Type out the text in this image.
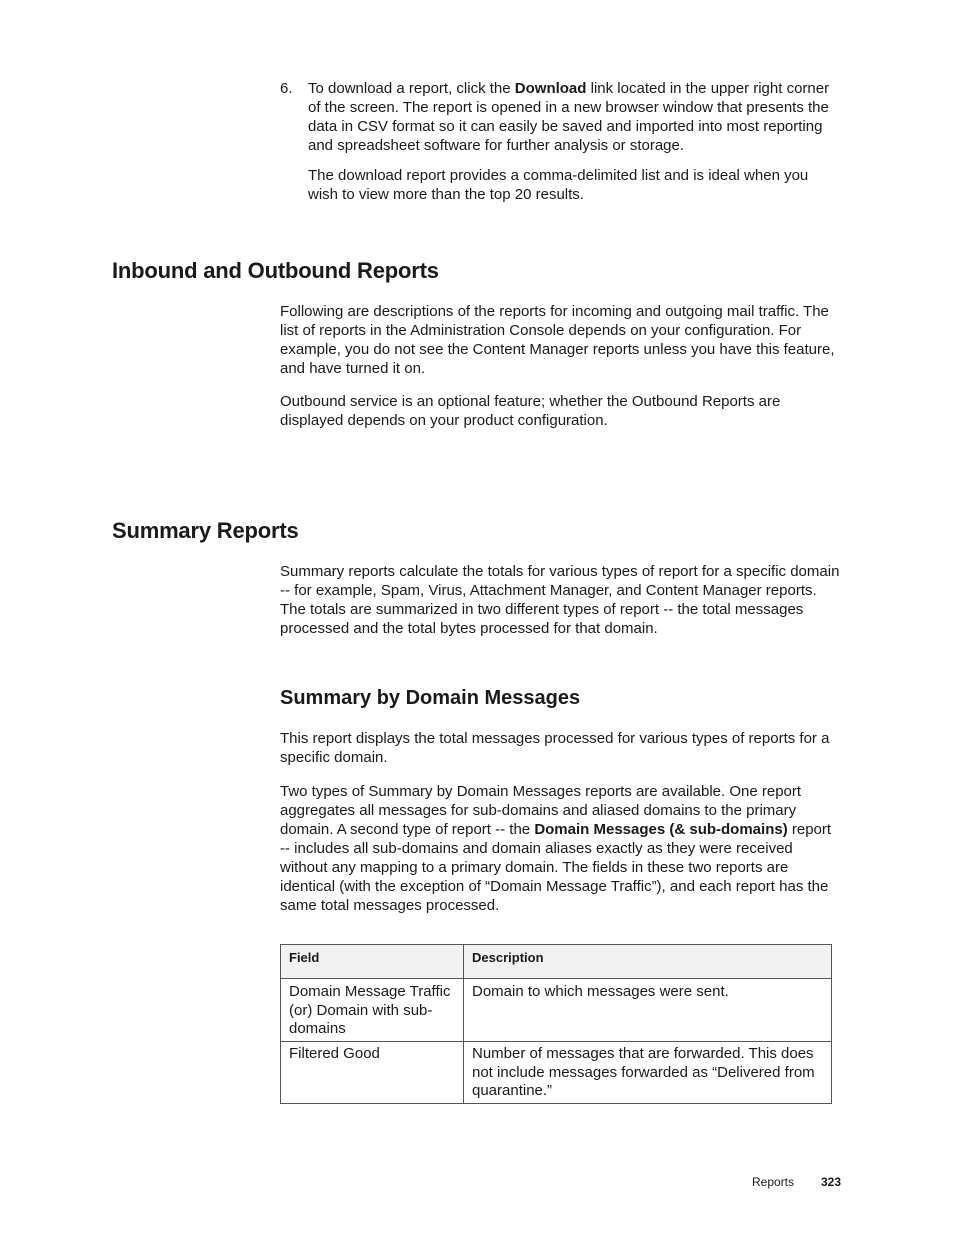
6. To download a report, click the Download link located in the upper right corner of the screen. The report is opened in a new browser window that presents the data in CSV format so it can easily be saved and imported into most reporting and spreadsheet software for further analysis or storage.

The download report provides a comma-delimited list and is ideal when you wish to view more than the top 20 results.

Inbound and Outbound Reports

Following are descriptions of the reports for incoming and outgoing mail traffic. The list of reports in the Administration Console depends on your configuration. For example, you do not see the Content Manager reports unless you have this feature, and have turned it on.

Outbound service is an optional feature; whether the Outbound Reports are displayed depends on your product configuration.

Summary Reports

Summary reports calculate the totals for various types of report for a specific domain -- for example, Spam, Virus, Attachment Manager, and Content Manager reports. The totals are summarized in two different types of report -- the total messages processed and the total bytes processed for that domain.

Summary by Domain Messages

This report displays the total messages processed for various types of reports for a specific domain.

Two types of Summary by Domain Messages reports are available. One report aggregates all messages for sub-domains and aliased domains to the primary domain. A second type of report -- the Domain Messages (& sub-domains) report -- includes all sub-domains and domain aliases exactly as they were received without any mapping to a primary domain. The fields in these two reports are identical (with the exception of “Domain Message Traffic”), and each report has the same total messages processed.

Field	Description
Domain Message Traffic (or) Domain with sub-domains	Domain to which messages were sent.
Filtered Good	Number of messages that are forwarded. This does not include messages forwarded as “Delivered from quarantine.”
Reports 323
